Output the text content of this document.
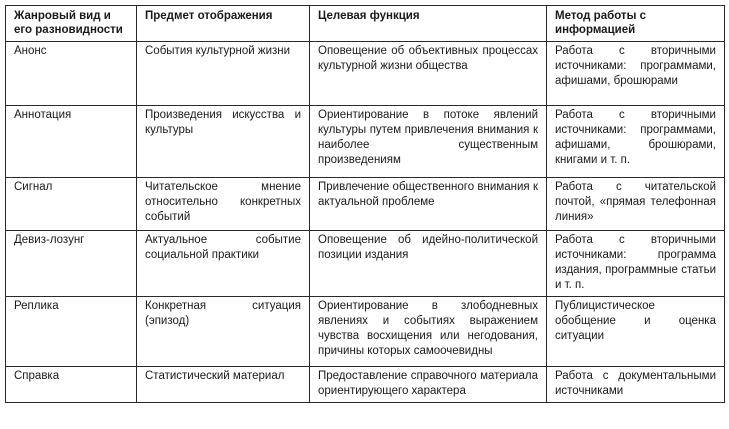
Жанровый вид и его разновидности	Предмет отображения	Целевая функция	Метод работы с информацией
Анонс	События культурной жизни	Оповещение об объективных процессах культурной жизни общества	Работа с вторичными источниками: программами, афишами, брошюрами
Аннотация	Произведения искусства и культуры	Ориентирование в потоке явлений культуры путем привлечения внимания к наиболее существенным произведениям	Работа с вторичными источниками: программами, афишами, брошюрами, книгами и т. п.
Сигнал	Читательское мнение относительно конкретных событий	Привлечение общественного внимания к актуальной проблеме	Работа с читательской почтой, «прямая телефонная линия»
Девиз-лозунг	Актуальное событие социальной практики	Оповещение об идейно-политической позиции издания	Работа с вторичными источниками: программа издания, программные статьи и т. п.
Реплика	Конкретная ситуация (эпизод)	Ориентирование в злободневных явлениях и событиях выражением чувства восхищения или негодования, причины которых самоочевидны	Публицистическое обобщение и оценка ситуации
Справка	Статистический материал	Предоставление справочного материала ориентирующего характера	Работа с документальными источниками
